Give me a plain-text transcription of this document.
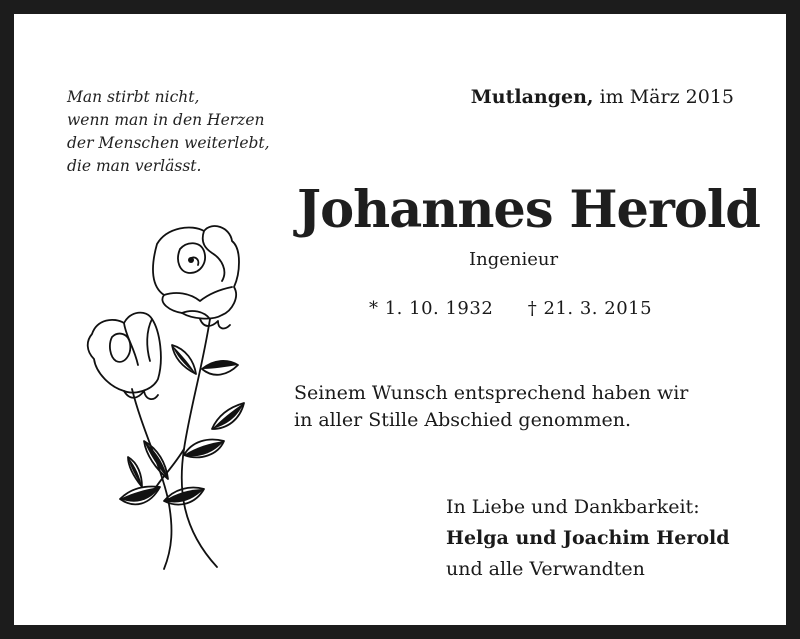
Man stirbt nicht,
wenn man in den Herzen
der Menschen weiterlebt,
die man verlässt.
Mutlangen, im März 2015
Johannes Herold
Ingenieur
* 1. 10. 1932 † 21. 3. 2015
Seinem Wunsch entsprechend haben wir
in aller Stille Abschied genommen.
In Liebe und Dankbarkeit:
Helga und Joachim Herold
und alle Verwandten
